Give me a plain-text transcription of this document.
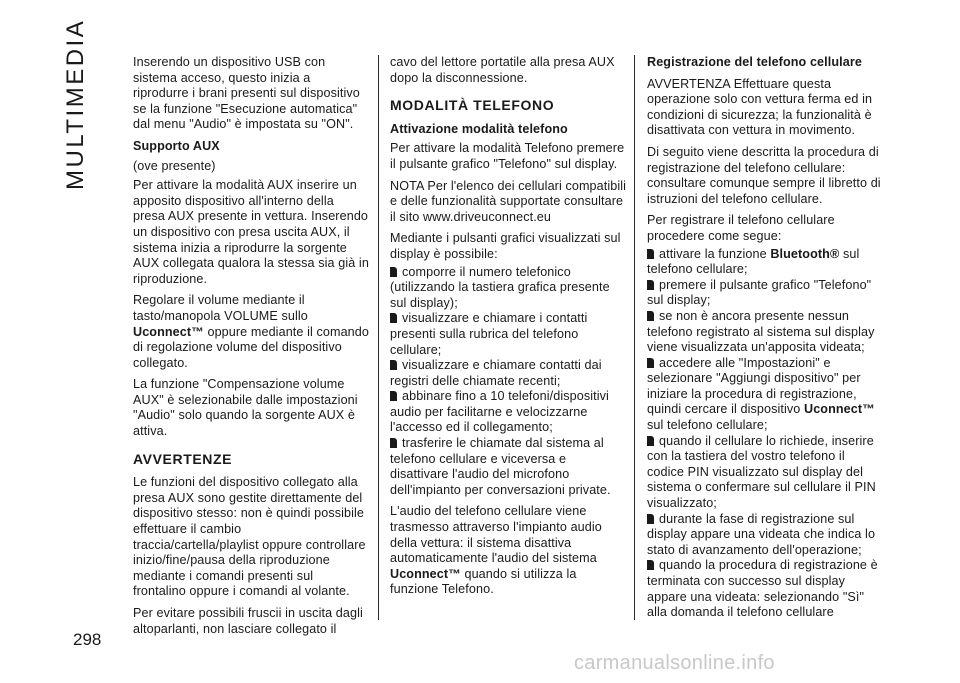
MULTIMEDIA
298

Inserendo un dispositivo USB con sistema acceso, questo inizia a riprodurre i brani presenti sul dispositivo se la funzione "Esecuzione automatica" dal menu "Audio" è impostata su "ON".

Supporto AUX

(ove presente)

Per attivare la modalità AUX inserire un apposito dispositivo all'interno della presa AUX presente in vettura. Inserendo un dispositivo con presa uscita AUX, il sistema inizia a riprodurre la sorgente AUX collegata qualora la stessa sia già in riproduzione.

Regolare il volume mediante il tasto/manopola VOLUME sullo Uconnect™ oppure mediante il comando di regolazione volume del dispositivo collegato.

La funzione "Compensazione volume AUX" è selezionabile dalle impostazioni "Audio" solo quando la sorgente AUX è attiva.

AVVERTENZE

Le funzioni del dispositivo collegato alla presa AUX sono gestite direttamente del dispositivo stesso: non è quindi possibile effettuare il cambio traccia/cartella/playlist oppure controllare inizio/fine/pausa della riproduzione mediante i comandi presenti sul frontalino oppure i comandi al volante.

Per evitare possibili fruscii in uscita dagli altoparlanti, non lasciare collegato il

cavo del lettore portatile alla presa AUX dopo la disconnessione.

MODALITÀ TELEFONO

Attivazione modalità telefono

Per attivare la modalità Telefono premere il pulsante grafico "Telefono" sul display.

NOTA Per l'elenco dei cellulari compatibili e delle funzionalità supportate consultare il sito www.driveuconnect.eu

Mediante i pulsanti grafici visualizzati sul display è possibile:

comporre il numero telefonico (utilizzando la tastiera grafica presente sul display);
visualizzare e chiamare i contatti presenti sulla rubrica del telefono cellulare;
visualizzare e chiamare contatti dai registri delle chiamate recenti;
abbinare fino a 10 telefoni/dispositivi audio per facilitarne e velocizzarne l'accesso ed il collegamento;
trasferire le chiamate dal sistema al telefono cellulare e viceversa e disattivare l'audio del microfono dell'impianto per conversazioni private.

L'audio del telefono cellulare viene trasmesso attraverso l'impianto audio della vettura: il sistema disattiva automaticamente l'audio del sistema Uconnect™ quando si utilizza la funzione Telefono.

Registrazione del telefono cellulare

AVVERTENZA Effettuare questa operazione solo con vettura ferma ed in condizioni di sicurezza; la funzionalità è disattivata con vettura in movimento.

Di seguito viene descritta la procedura di registrazione del telefono cellulare: consultare comunque sempre il libretto di istruzioni del telefono cellulare.

Per registrare il telefono cellulare procedere come segue:

attivare la funzione Bluetooth® sul telefono cellulare;
premere il pulsante grafico "Telefono" sul display;
se non è ancora presente nessun telefono registrato al sistema sul display viene visualizzata un'apposita videata;
accedere alle "Impostazioni" e selezionare "Aggiungi dispositivo" per iniziare la procedura di registrazione, quindi cercare il dispositivo Uconnect™ sul telefono cellulare;
quando il cellulare lo richiede, inserire con la tastiera del vostro telefono il codice PIN visualizzato sul display del sistema o confermare sul cellulare il PIN visualizzato;
durante la fase di registrazione sul display appare una videata che indica lo stato di avanzamento dell'operazione;
quando la procedura di registrazione è terminata con successo sul display appare una videata: selezionando "Sì" alla domanda il telefono cellulare
carmanualsonline.info
